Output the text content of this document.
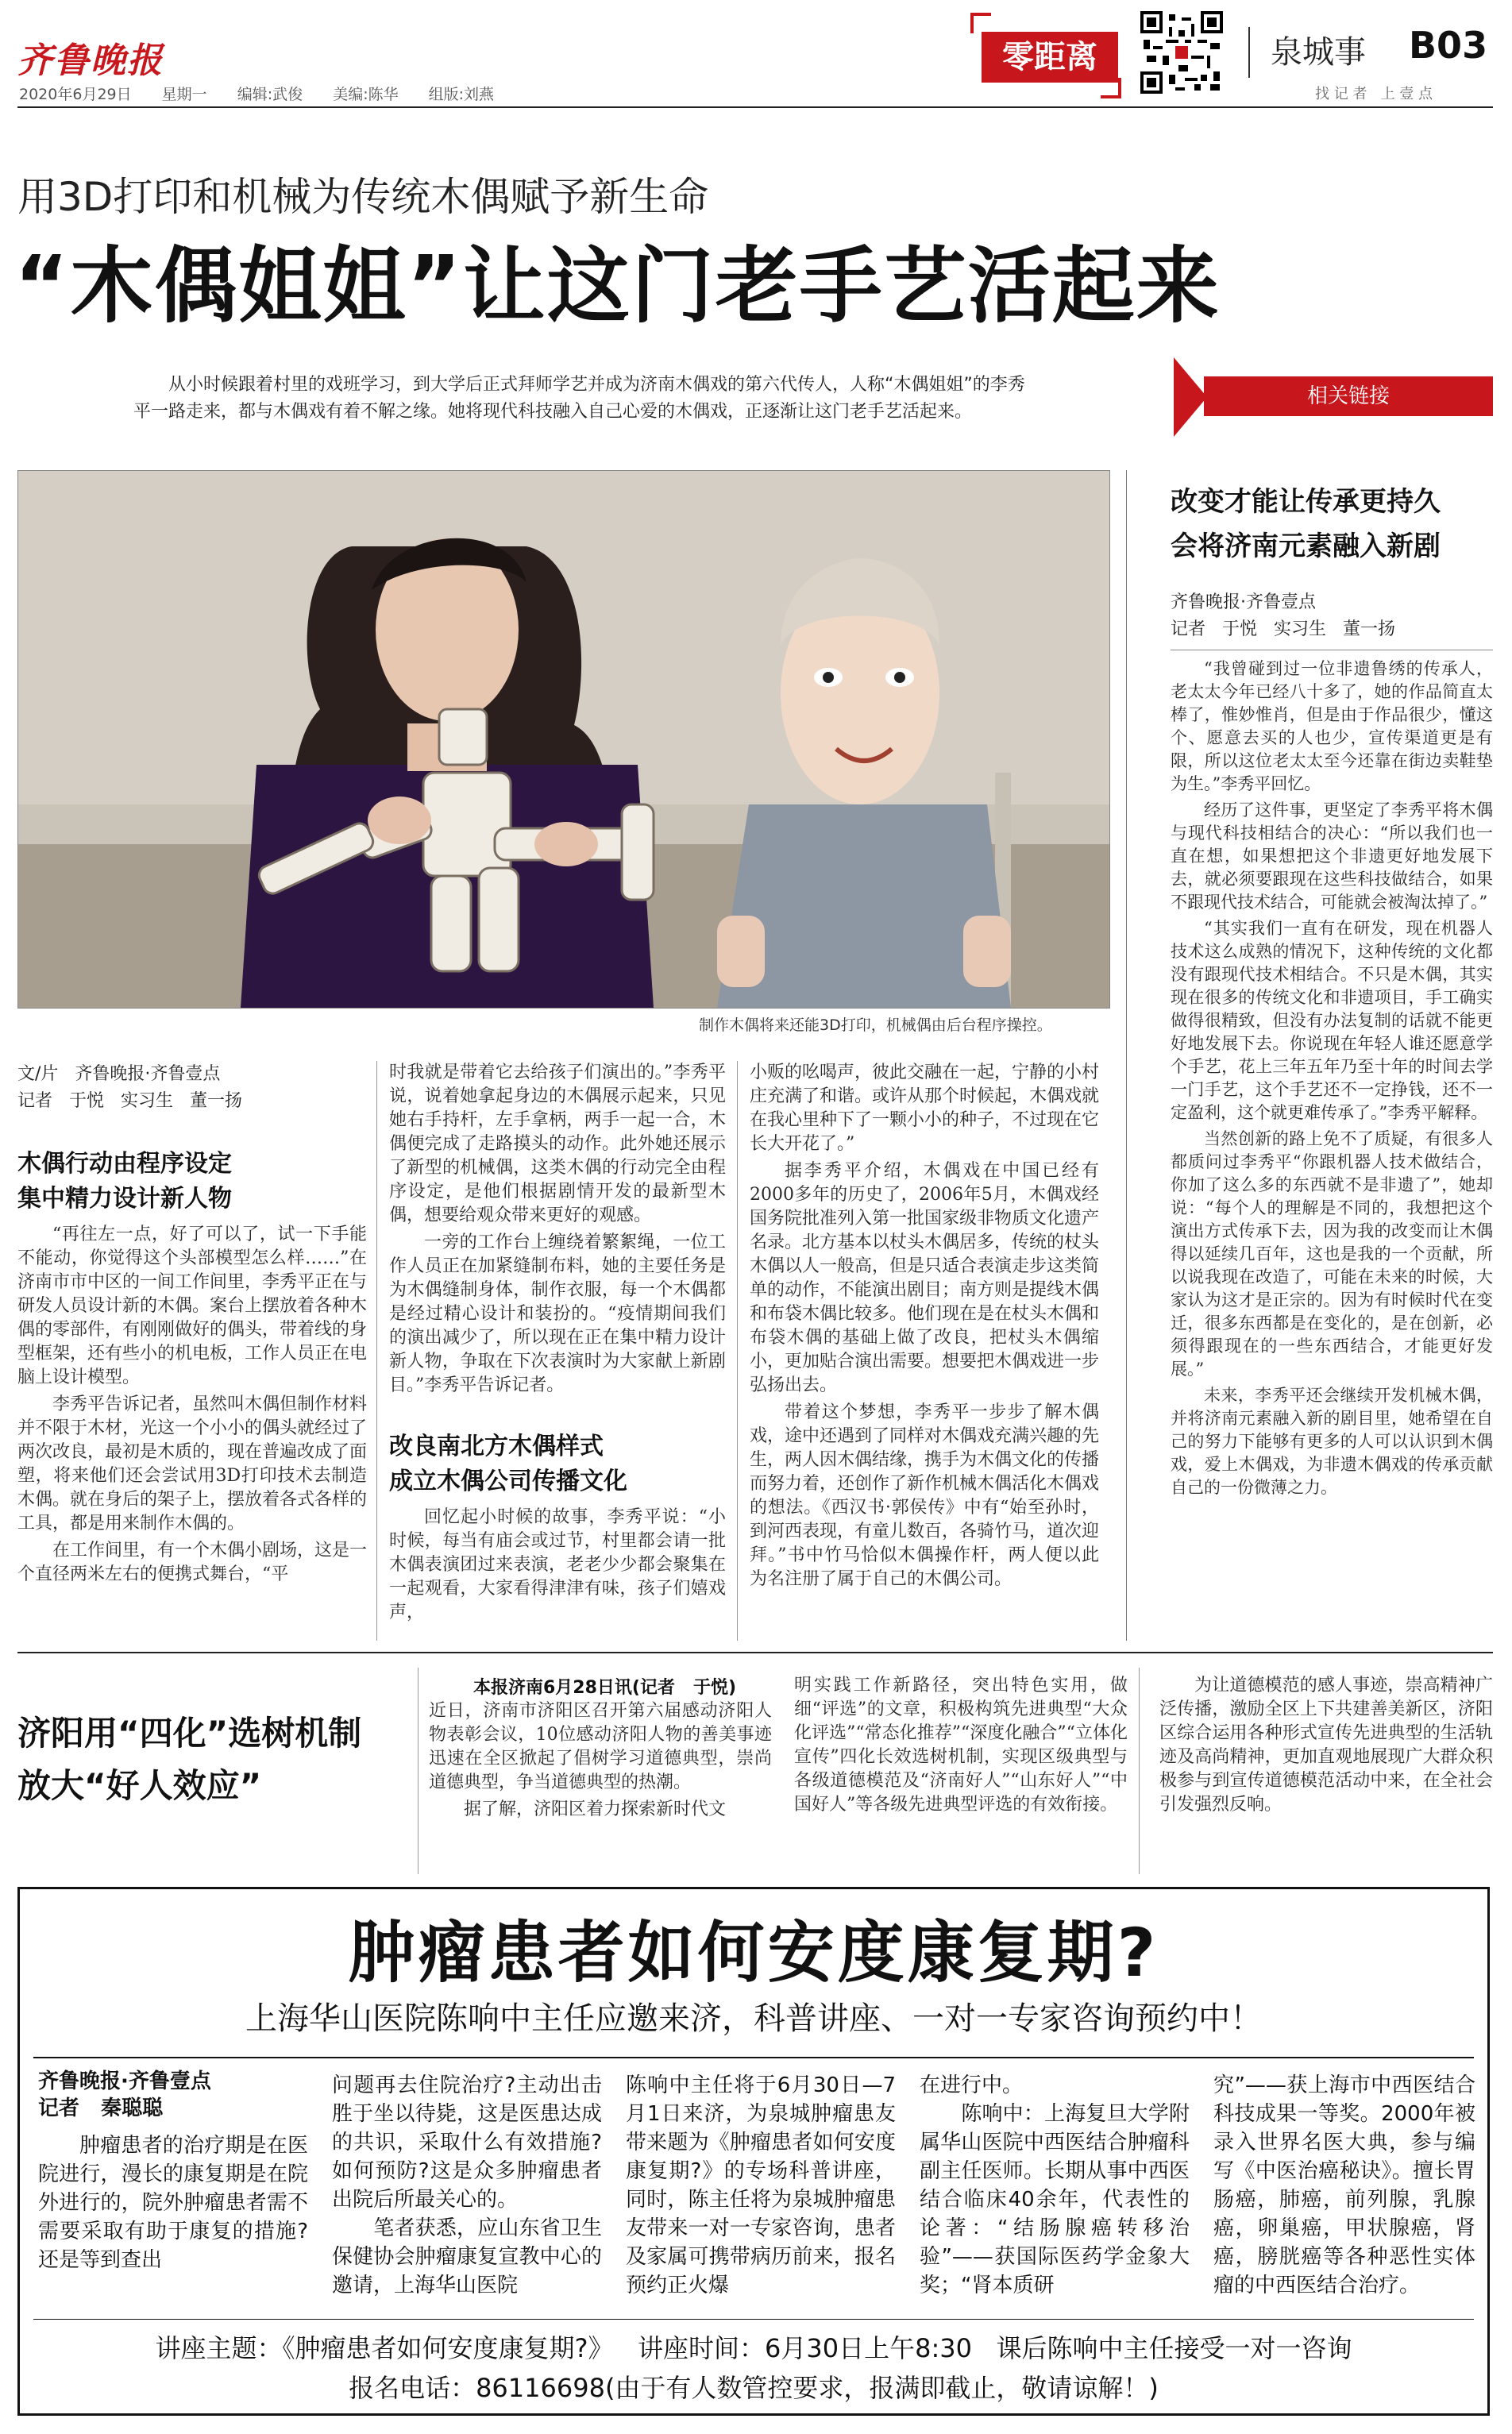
齐鲁晚报
2020年6月29日 星期一 编辑:武俊 美编:陈华 组版:刘燕
零距离	泉城事 B03
找 记 者   上 壹 点
用3D打印和机械为传统木偶赋予新生命
“木偶姐姐”让这门老手艺活起来
从小时候跟着村里的戏班学习，到大学后正式拜师学艺并成为济南木偶戏的第六代传人，人称“木偶姐姐”的李秀平一路走来，都与木偶戏有着不解之缘。她将现代科技融入自己心爱的木偶戏，正逐渐让这门老手艺活起来。
相关链接
制作木偶将来还能3D打印，机械偶由后台程序操控。
文/片   齐鲁晚报·齐鲁壹点
记者   于悦   实习生   董一扬
木偶行动由程序设定
集中精力设计新人物

“再往左一点，好了可以了，试一下手能不能动，你觉得这个头部模型怎么样……”在济南市市中区的一间工作间里，李秀平正在与研发人员设计新的木偶。案台上摆放着各种木偶的零部件，有刚刚做好的偶头，带着线的身型框架，还有些小的机电板，工作人员正在电脑上设计模型。

李秀平告诉记者，虽然叫木偶但制作材料并不限于木材，光这一个小小的偶头就经过了两次改良，最初是木质的，现在普遍改成了面塑，将来他们还会尝试用3D打印技术去制造木偶。就在身后的架子上，摆放着各式各样的工具，都是用来制作木偶的。

在工作间里，有一个木偶小剧场，这是一个直径两米左右的便携式舞台，“平

时我就是带着它去给孩子们演出的。”李秀平说，说着她拿起身边的木偶展示起来，只见她右手持杆，左手拿柄，两手一起一合，木偶便完成了走路摸头的动作。此外她还展示了新型的机械偶，这类木偶的行动完全由程序设定，是他们根据剧情开发的最新型木偶，想要给观众带来更好的观感。

一旁的工作台上缠绕着繁絮绳，一位工作人员正在加紧缝制布料，她的主要任务是为木偶缝制身体，制作衣服，每一个木偶都是经过精心设计和装扮的。“疫情期间我们的演出减少了，所以现在正在集中精力设计新人物，争取在下次表演时为大家献上新剧目。”李秀平告诉记者。

改良南北方木偶样式
成立木偶公司传播文化

回忆起小时候的故事，李秀平说：“小时候，每当有庙会或过节，村里都会请一批木偶表演团过来表演，老老少少都会聚集在一起观看，大家看得津津有味，孩子们嬉戏声，

小贩的吆喝声，彼此交融在一起，宁静的小村庄充满了和谐。或许从那个时候起，木偶戏就在我心里种下了一颗小小的种子，不过现在它长大开花了。”

据李秀平介绍，木偶戏在中国已经有2000多年的历史了，2006年5月，木偶戏经国务院批准列入第一批国家级非物质文化遗产名录。北方基本以杖头木偶居多，传统的杖头木偶以人一般高，但是只适合表演走步这类简单的动作，不能演出剧目；南方则是提线木偶和布袋木偶比较多。他们现在是在杖头木偶和布袋木偶的基础上做了改良，把杖头木偶缩小，更加贴合演出需要。想要把木偶戏进一步弘扬出去。

带着这个梦想，李秀平一步步了解木偶戏，途中还遇到了同样对木偶戏充满兴趣的先生，两人因木偶结缘，携手为木偶文化的传播而努力着，还创作了新作机械木偶活化木偶戏的想法。《西汉书·郭侯传》中有“始至孙时，到河西表现，有童儿数百，各骑竹马，道次迎拜。”书中竹马恰似木偶操作杆，两人便以此为名注册了属于自己的木偶公司。

改变才能让传承更持久
会将济南元素融入新剧
齐鲁晚报·齐鲁壹点
记者   于悦   实习生   董一扬

“我曾碰到过一位非遗鲁绣的传承人，老太太今年已经八十多了，她的作品简直太棒了，惟妙惟肖，但是由于作品很少，懂这个、愿意去买的人也少，宣传渠道更是有限，所以这位老太太至今还靠在街边卖鞋垫为生。”李秀平回忆。

经历了这件事，更坚定了李秀平将木偶与现代科技相结合的决心：“所以我们也一直在想，如果想把这个非遗更好地发展下去，就必须要跟现在这些科技做结合，如果不跟现代技术结合，可能就会被淘汰掉了。”

“其实我们一直有在研发，现在机器人技术这么成熟的情况下，这种传统的文化都没有跟现代技术相结合。不只是木偶，其实现在很多的传统文化和非遗项目，手工确实做得很精致，但没有办法复制的话就不能更好地发展下去。你说现在年轻人谁还愿意学个手艺，花上三年五年乃至十年的时间去学一门手艺，这个手艺还不一定挣钱，还不一定盈利，这个就更难传承了。”李秀平解释。

当然创新的路上免不了质疑，有很多人都质问过李秀平“你跟机器人技术做结合，你加了这么多的东西就不是非遗了”，她却说：“每个人的理解是不同的，我想把这个演出方式传承下去，因为我的改变而让木偶得以延续几百年，这也是我的一个贡献，所以说我现在改造了，可能在未来的时候，大家认为这才是正宗的。因为有时候时代在变迁，很多东西都是在变化的，是在创新，必须得跟现在的一些东西结合，才能更好发展。”

未来，李秀平还会继续开发机械木偶，并将济南元素融入新的剧目里，她希望在自己的努力下能够有更多的人可以认识到木偶戏，爱上木偶戏，为非遗木偶戏的传承贡献自己的一份微薄之力。

济阳用“四化”选树机制
放大“好人效应”
本报济南6月28日讯(记者   于悦)

近日，济南市济阳区召开第六届感动济阳人物表彰会议，10位感动济阳人物的善美事迹迅速在全区掀起了倡树学习道德典型，崇尚道德典型，争当道德典型的热潮。

据了解，济阳区着力探索新时代文

明实践工作新路径，突出特色实用，做细“评选”的文章，积极构筑先进典型“大众化评选”“常态化推荐”“深度化融合”“立体化宣传”四化长效选树机制，实现区级典型与各级道德模范及“济南好人”“山东好人”“中国好人”等各级先进典型评选的有效衔接。

为让道德模范的感人事迹，崇高精神广泛传播，激励全区上下共建善美新区，济阳区综合运用各种形式宣传先进典型的生活轨迹及高尚精神，更加直观地展现广大群众积极参与到宣传道德模范活动中来，在全社会引发强烈反响。

肿瘤患者如何安度康复期?
上海华山医院陈响中主任应邀来济，科普讲座、一对一专家咨询预约中！
齐鲁晚报·齐鲁壹点
记者   秦聪聪
肿瘤患者的治疗期是在医院进行，漫长的康复期是在院外进行的，院外肿瘤患者需不需要采取有助于康复的措施?还是等到查出
问题再去住院治疗?主动出击胜于坐以待毙，这是医患达成的共识，采取什么有效措施?如何预防?这是众多肿瘤患者出院后所最关心的。
　　笔者获悉，应山东省卫生保健协会肿瘤康复宣教中心的邀请，上海华山医院
陈响中主任将于6月30日—7月1日来济，为泉城肿瘤患友带来题为《肿瘤患者如何安度康复期?》的专场科普讲座，同时，陈主任将为泉城肿瘤患友带来一对一专家咨询，患者及家属可携带病历前来，报名预约正火爆
在进行中。
　　陈响中：上海复旦大学附属华山医院中西医结合肿瘤科副主任医师。长期从事中西医结合临床40余年，代表性的论著：“结肠腺癌转移治验”——获国际医药学金象大奖；“肾本质研
究”——获上海市中西医结合科技成果一等奖。2000年被录入世界名医大典，参与编写《中医治癌秘诀》。擅长胃肠癌，肺癌，前列腺，乳腺癌，卵巢癌，甲状腺癌，肾癌，膀胱癌等各种恶性实体瘤的中西医结合治疗。
讲座主题：《肿瘤患者如何安度康复期?》   讲座时间：6月30日上午8:30   课后陈响中主任接受一对一咨询
报名电话：86116698(由于有人数管控要求，报满即截止，敬请谅解！)
